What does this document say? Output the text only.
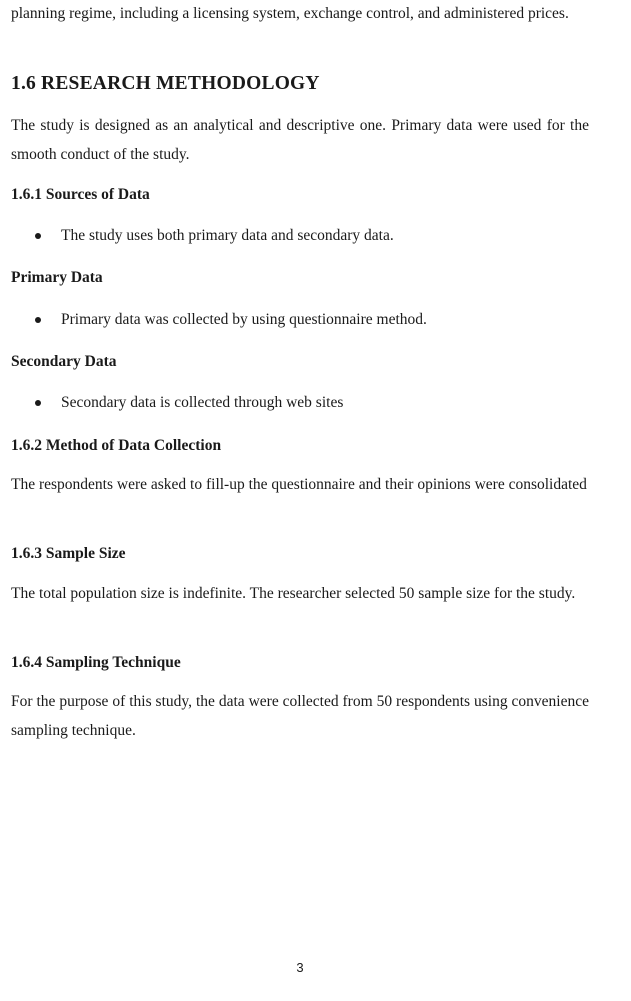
planning regime, including a licensing system, exchange control, and administered prices.

1.6 RESEARCH METHODOLOGY

The study is designed as an analytical and descriptive one. Primary data were used for the smooth conduct of the study.

1.6.1 Sources of Data
The study uses both primary data and secondary data.
Primary Data
Primary data was collected by using questionnaire method.
Secondary Data
Secondary data is collected through web sites
1.6.2 Method of Data Collection

The respondents were asked to fill-up the questionnaire and their opinions were consolidated

1.6.3 Sample Size

The total population size is indefinite. The researcher selected 50 sample size for the study.

1.6.4 Sampling Technique

For the purpose of this study, the data were collected from 50 respondents using convenience sampling technique.

3
